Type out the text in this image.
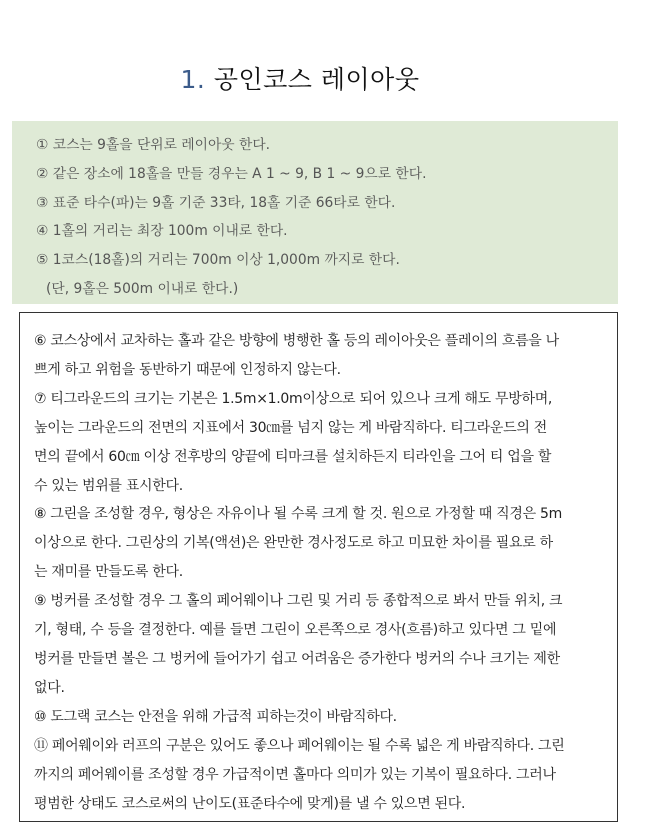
1. 공인코스 레이아웃
① 코스는 9홀을 단위로 레이아웃 한다.
② 같은 장소에 18홀을 만들 경우는 A 1 ~ 9, B 1 ~ 9으로 한다.
③ 표준 타수(파)는 9홀 기준 33타, 18홀 기준 66타로 한다.
④ 1홀의 거리는 최장 100m 이내로 한다.
⑤ 1코스(18홀)의 거리는 700m 이상 1,000m 까지로 한다.
(단, 9홀은 500m 이내로 한다.)
⑥ 코스상에서 교차하는 홀과 같은 방향에 병행한 홀 등의 레이아웃은 플레이의 흐름을 나
쁘게 하고 위험을 동반하기 때문에 인정하지 않는다.
⑦ 티그라운드의 크기는 기본은 1.5m×1.0m이상으로 되어 있으나 크게 해도 무방하며,
높이는 그라운드의 전면의 지표에서 30㎝를 넘지 않는 게 바람직하다. 티그라운드의 전
면의 끝에서 60㎝ 이상 전후방의 양끝에 티마크를 설치하든지 티라인을 그어 티 업을 할
수 있는 범위를 표시한다.
⑧ 그린을 조성할 경우, 형상은 자유이나 될 수록 크게 할 것. 원으로 가정할 때 직경은 5m
이상으로 한다. 그린상의 기복(액션)은 완만한 경사정도로 하고 미묘한 차이를 필요로 하
는 재미를 만들도록 한다.
⑨ 벙커를 조성할 경우 그 홀의 페어웨이나 그린 및 거리 등 종합적으로 봐서 만들 위치, 크
기, 형태, 수 등을 결정한다. 예를 들면 그린이 오른쪽으로 경사(흐름)하고 있다면 그 밑에
벙커를 만들면 볼은 그 벙커에 들어가기 쉽고 어려움은 증가한다 벙커의 수나 크기는 제한
없다.
⑩ 도그랙 코스는 안전을 위해 가급적 피하는것이 바람직하다.
⑪ 페어웨이와 러프의 구분은 있어도 좋으나 페어웨이는 될 수록 넓은 게 바람직하다. 그린
까지의 페어웨이를 조성할 경우 가급적이면 홀마다 의미가 있는 기복이 필요하다. 그러나
평범한 상태도 코스로써의 난이도(표준타수에 맞게)를 낼 수 있으면 된다.
